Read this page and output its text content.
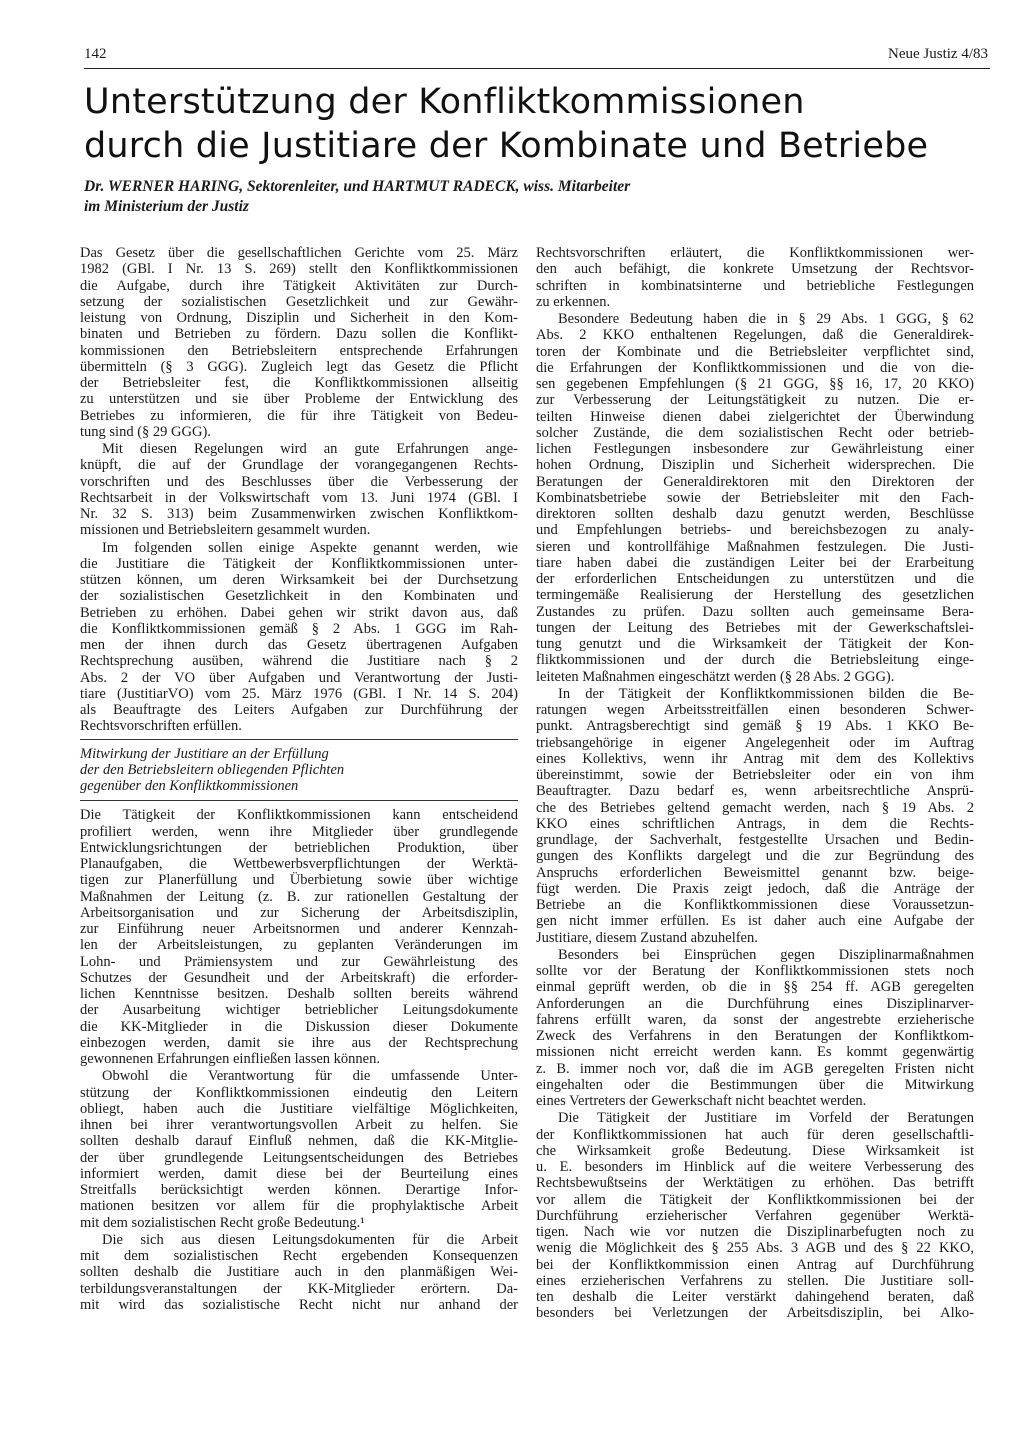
142	Neue Justiz 4/83
Unterstützung der Konfliktkommissionen
durch die Justitiare der Kombinate und Betriebe
Dr. WERNER HARING, Sektorenleiter, und HARTMUT RADECK, wiss. Mitarbeiter
im Ministerium der Justiz
Das Gesetz über die gesellschaftlichen Gerichte vom 25. März
1982 (GBl. I Nr. 13 S. 269) stellt den Konfliktkommissionen
die Aufgabe, durch ihre Tätigkeit Aktivitäten zur Durch-
setzung der sozialistischen Gesetzlichkeit und zur Gewähr-
leistung von Ordnung, Disziplin und Sicherheit in den Kom-
binaten und Betrieben zu fördern. Dazu sollen die Konflikt-
kommissionen den Betriebsleitern entsprechende Erfahrungen
übermitteln (§ 3 GGG). Zugleich legt das Gesetz die Pflicht
der Betriebsleiter fest, die Konfliktkommissionen allseitig
zu unterstützen und sie über Probleme der Entwicklung des
Betriebes zu informieren, die für ihre Tätigkeit von Bedeu-
tung sind (§ 29 GGG).
Mit diesen Regelungen wird an gute Erfahrungen ange-
knüpft, die auf der Grundlage der vorangegangenen Rechts-
vorschriften und des Beschlusses über die Verbesserung der
Rechtsarbeit in der Volkswirtschaft vom 13. Juni 1974 (GBl. I
Nr. 32 S. 313) beim Zusammenwirken zwischen Konfliktkom-
missionen und Betriebsleitern gesammelt wurden.
Im folgenden sollen einige Aspekte genannt werden, wie
die Justitiare die Tätigkeit der Konfliktkommissionen unter-
stützen können, um deren Wirksamkeit bei der Durchsetzung
der sozialistischen Gesetzlichkeit in den Kombinaten und
Betrieben zu erhöhen. Dabei gehen wir strikt davon aus, daß
die Konfliktkommissionen gemäß § 2 Abs. 1 GGG im Rah-
men der ihnen durch das Gesetz übertragenen Aufgaben
Rechtsprechung ausüben, während die Justitiare nach § 2
Abs. 2 der VO über Aufgaben und Verantwortung der Justi-
tiare (JustitiarVO) vom 25. März 1976 (GBl. I Nr. 14 S. 204)
als Beauftragte des Leiters Aufgaben zur Durchführung der
Rechtsvorschriften erfüllen.
Mitwirkung der Justitiare an der Erfüllung
der den Betriebsleitern obliegenden Pflichten
gegenüber den Konfliktkommissionen
Die Tätigkeit der Konfliktkommissionen kann entscheidend
profiliert werden, wenn ihre Mitglieder über grundlegende
Entwicklungsrichtungen der betrieblichen Produktion, über
Planaufgaben, die Wettbewerbsverpflichtungen der Werktä-
tigen zur Planerfüllung und Überbietung sowie über wichtige
Maßnahmen der Leitung (z. B. zur rationellen Gestaltung der
Arbeitsorganisation und zur Sicherung der Arbeitsdisziplin,
zur Einführung neuer Arbeitsnormen und anderer Kennzah-
len der Arbeitsleistungen, zu geplanten Veränderungen im
Lohn- und Prämiensystem und zur Gewährleistung des
Schutzes der Gesundheit und der Arbeitskraft) die erforder-
lichen Kenntnisse besitzen. Deshalb sollten bereits während
der Ausarbeitung wichtiger betrieblicher Leitungsdokumente
die KK-Mitglieder in die Diskussion dieser Dokumente
einbezogen werden, damit sie ihre aus der Rechtsprechung
gewonnenen Erfahrungen einfließen lassen können.
Obwohl die Verantwortung für die umfassende Unter-
stützung der Konfliktkommissionen eindeutig den Leitern
obliegt, haben auch die Justitiare vielfältige Möglichkeiten,
ihnen bei ihrer verantwortungsvollen Arbeit zu helfen. Sie
sollten deshalb darauf Einfluß nehmen, daß die KK-Mitglie-
der über grundlegende Leitungsentscheidungen des Betriebes
informiert werden, damit diese bei der Beurteilung eines
Streitfalls berücksichtigt werden können. Derartige Infor-
mationen besitzen vor allem für die prophylaktische Arbeit
mit dem sozialistischen Recht große Bedeutung.¹
Die sich aus diesen Leitungsdokumenten für die Arbeit
mit dem sozialistischen Recht ergebenden Konsequenzen
sollten deshalb die Justitiare auch in den planmäßigen Wei-
terbildungsveranstaltungen der KK-Mitglieder erörtern. Da-
mit wird das sozialistische Recht nicht nur anhand der
Rechtsvorschriften erläutert, die Konfliktkommissionen wer-
den auch befähigt, die konkrete Umsetzung der Rechtsvor-
schriften in kombinatsinterne und betriebliche Festlegungen
zu erkennen.
Besondere Bedeutung haben die in § 29 Abs. 1 GGG, § 62
Abs. 2 KKO enthaltenen Regelungen, daß die Generaldirek-
toren der Kombinate und die Betriebsleiter verpflichtet sind,
die Erfahrungen der Konfliktkommissionen und die von die-
sen gegebenen Empfehlungen (§ 21 GGG, §§ 16, 17, 20 KKO)
zur Verbesserung der Leitungstätigkeit zu nutzen. Die er-
teilten Hinweise dienen dabei zielgerichtet der Überwindung
solcher Zustände, die dem sozialistischen Recht oder betrieb-
lichen Festlegungen insbesondere zur Gewährleistung einer
hohen Ordnung, Disziplin und Sicherheit widersprechen. Die
Beratungen der Generaldirektoren mit den Direktoren der
Kombinatsbetriebe sowie der Betriebsleiter mit den Fach-
direktoren sollten deshalb dazu genutzt werden, Beschlüsse
und Empfehlungen betriebs- und bereichsbezogen zu analy-
sieren und kontrollfähige Maßnahmen festzulegen. Die Justi-
tiare haben dabei die zuständigen Leiter bei der Erarbeitung
der erforderlichen Entscheidungen zu unterstützen und die
termingemäße Realisierung der Herstellung des gesetzlichen
Zustandes zu prüfen. Dazu sollten auch gemeinsame Bera-
tungen der Leitung des Betriebes mit der Gewerkschaftslei-
tung genutzt und die Wirksamkeit der Tätigkeit der Kon-
fliktkommissionen und der durch die Betriebsleitung einge-
leiteten Maßnahmen eingeschätzt werden (§ 28 Abs. 2 GGG).
In der Tätigkeit der Konfliktkommissionen bilden die Be-
ratungen wegen Arbeitsstreitfällen einen besonderen Schwer-
punkt. Antragsberechtigt sind gemäß § 19 Abs. 1 KKO Be-
triebsangehörige in eigener Angelegenheit oder im Auftrag
eines Kollektivs, wenn ihr Antrag mit dem des Kollektivs
übereinstimmt, sowie der Betriebsleiter oder ein von ihm
Beauftragter. Dazu bedarf es, wenn arbeitsrechtliche Ansprü-
che des Betriebes geltend gemacht werden, nach § 19 Abs. 2
KKO eines schriftlichen Antrags, in dem die Rechts-
grundlage, der Sachverhalt, festgestellte Ursachen und Bedin-
gungen des Konflikts dargelegt und die zur Begründung des
Anspruchs erforderlichen Beweismittel genannt bzw. beige-
fügt werden. Die Praxis zeigt jedoch, daß die Anträge der
Betriebe an die Konfliktkommissionen diese Voraussetzun-
gen nicht immer erfüllen. Es ist daher auch eine Aufgabe der
Justitiare, diesem Zustand abzuhelfen.
Besonders bei Einsprüchen gegen Disziplinarmaßnahmen
sollte vor der Beratung der Konfliktkommissionen stets noch
einmal geprüft werden, ob die in §§ 254 ff. AGB geregelten
Anforderungen an die Durchführung eines Disziplinarver-
fahrens erfüllt waren, da sonst der angestrebte erzieherische
Zweck des Verfahrens in den Beratungen der Konfliktkom-
missionen nicht erreicht werden kann. Es kommt gegenwärtig
z. B. immer noch vor, daß die im AGB geregelten Fristen nicht
eingehalten oder die Bestimmungen über die Mitwirkung
eines Vertreters der Gewerkschaft nicht beachtet werden.
Die Tätigkeit der Justitiare im Vorfeld der Beratungen
der Konfliktkommissionen hat auch für deren gesellschaftli-
che Wirksamkeit große Bedeutung. Diese Wirksamkeit ist
u. E. besonders im Hinblick auf die weitere Verbesserung des
Rechtsbewußtseins der Werktätigen zu erhöhen. Das betrifft
vor allem die Tätigkeit der Konfliktkommissionen bei der
Durchführung erzieherischer Verfahren gegenüber Werktä-
tigen. Nach wie vor nutzen die Disziplinarbefugten noch zu
wenig die Möglichkeit des § 255 Abs. 3 AGB und des § 22 KKO,
bei der Konfliktkommission einen Antrag auf Durchführung
eines erzieherischen Verfahrens zu stellen. Die Justitiare soll-
ten deshalb die Leiter verstärkt dahingehend beraten, daß
besonders bei Verletzungen der Arbeitsdisziplin, bei Alko-
